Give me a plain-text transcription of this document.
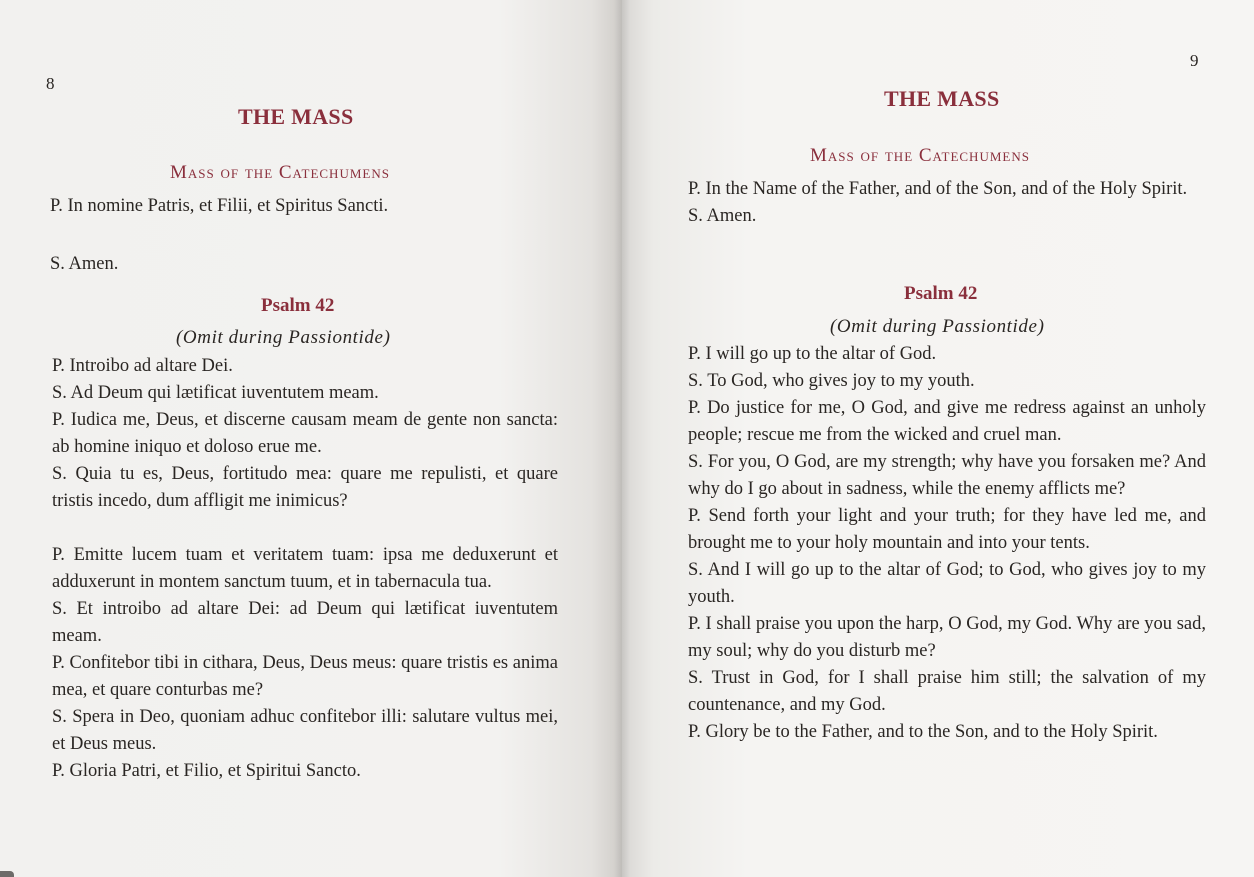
8
THE MASS
Mass of the Catechumens
P. In nomine Patris, et Filii, et Spiritus Sancti.
S. Amen.
Psalm 42
(Omit during Passiontide)

P. Introibo ad altare Dei.

S. Ad Deum qui lætificat iuventutem meam.

P. Iudica me, Deus, et discerne causam meam de gente non sancta: ab homine iniquo et doloso erue me.

S. Quia tu es, Deus, fortitudo mea: quare me repulisti, et quare tristis incedo, dum affligit me inimicus?

P. Emitte lucem tuam et veritatem tuam: ipsa me deduxerunt et adduxerunt in montem sanctum tuum, et in tabernacula tua.

S. Et introibo ad altare Dei: ad Deum qui lætificat iuventutem meam.

P. Confitebor tibi in cithara, Deus, Deus meus: quare tristis es anima mea, et quare conturbas me?

S. Spera in Deo, quoniam adhuc confitebor illi: salutare vultus mei, et Deus meus.

P. Gloria Patri, et Filio, et Spiritui Sancto.

9
THE MASS
Mass of the Catechumens

P. In the Name of the Father, and of the Son, and of the Holy Spirit.

S. Amen.

Psalm 42
(Omit during Passiontide)

P. I will go up to the altar of God.

S. To God, who gives joy to my youth.

P. Do justice for me, O God, and give me redress against an unholy people; rescue me from the wicked and cruel man.

S. For you, O God, are my strength; why have you forsaken me? And why do I go about in sadness, while the enemy afflicts me?

P. Send forth your light and your truth; for they have led me, and brought me to your holy mountain and into your tents.

S. And I will go up to the altar of God; to God, who gives joy to my youth.

P. I shall praise you upon the harp, O God, my God. Why are you sad, my soul; why do you disturb me?

S. Trust in God, for I shall praise him still; the salvation of my countenance, and my God.

P. Glory be to the Father, and to the Son, and to the Holy Spirit.
